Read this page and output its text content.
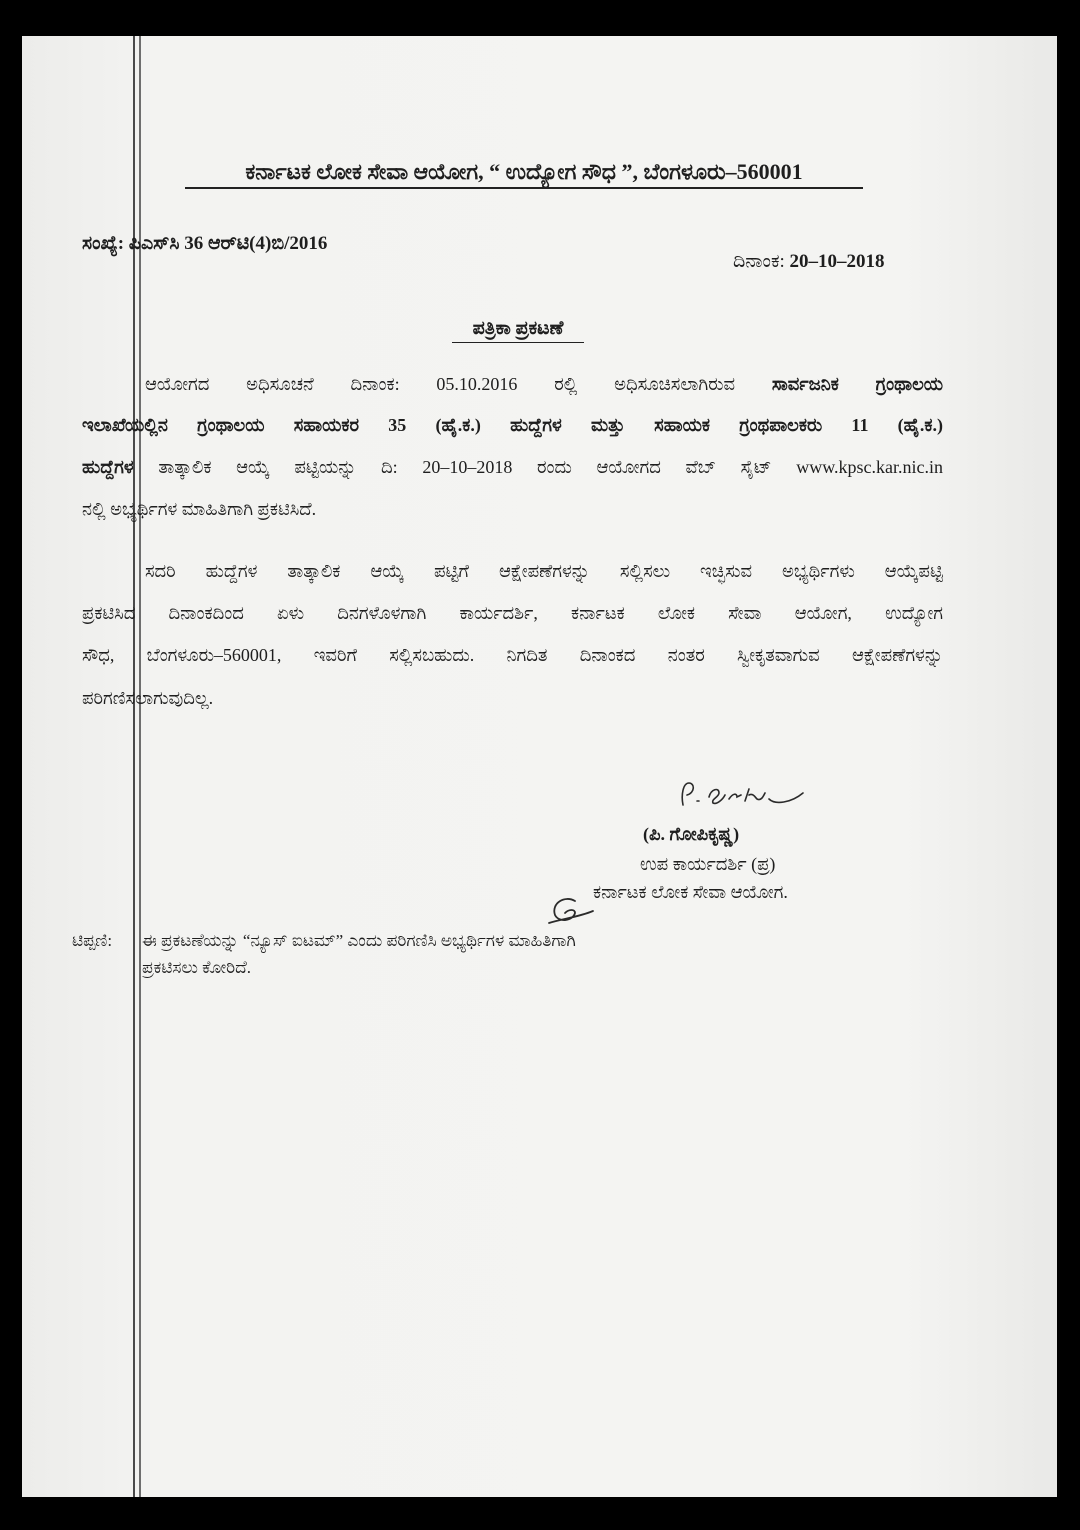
ಕರ್ನಾಟಕ ಲೋಕ ಸೇವಾ ಆಯೋಗ, “ ಉದ್ಯೋಗ ಸೌಧ ”, ಬೆಂಗಳೂರು–560001
ಸಂಖ್ಯೆ: ಪಿಎಸ್‌ಸಿ 36 ಆರ್‌ಟಿ(4)ಬಿ/2016
ದಿನಾಂಕ: 20–10–2018
ಪತ್ರಿಕಾ ಪ್ರಕಟಣೆ
ಆಯೋಗದ ಅಧಿಸೂಚನೆ ದಿನಾಂಕ: 05.10.2016 ರಲ್ಲಿ ಅಧಿಸೂಚಿಸಲಾಗಿರುವ ಸಾರ್ವಜನಿಕ ಗ್ರಂಥಾಲಯ
ಇಲಾಖೆಯಲ್ಲಿನ ಗ್ರಂಥಾಲಯ ಸಹಾಯಕರ 35 (ಹೈ.ಕ.) ಹುದ್ದೆಗಳ ಮತ್ತು ಸಹಾಯಕ ಗ್ರಂಥಪಾಲಕರು 11 (ಹೈ.ಕ.)
ಹುದ್ದೆಗಳ ತಾತ್ಕಾಲಿಕ ಆಯ್ಕೆ ಪಟ್ಟಿಯನ್ನು ದಿ: 20–10–2018 ರಂದು ಆಯೋಗದ ವೆಬ್ ಸೈಟ್ www.kpsc.kar.nic.in
ನಲ್ಲಿ ಅಭ್ಯರ್ಥಿಗಳ ಮಾಹಿತಿಗಾಗಿ ಪ್ರಕಟಿಸಿದೆ.
ಸದರಿ ಹುದ್ದೆಗಳ ತಾತ್ಕಾಲಿಕ ಆಯ್ಕೆ ಪಟ್ಟಿಗೆ ಆಕ್ಷೇಪಣೆಗಳನ್ನು ಸಲ್ಲಿಸಲು ಇಚ್ಛಿಸುವ ಅಭ್ಯರ್ಥಿಗಳು ಆಯ್ಕೆಪಟ್ಟಿ
ಪ್ರಕಟಿಸಿದ ದಿನಾಂಕದಿಂದ ಏಳು ದಿನಗಳೊಳಗಾಗಿ ಕಾರ್ಯದರ್ಶಿ, ಕರ್ನಾಟಕ ಲೋಕ ಸೇವಾ ಆಯೋಗ, ಉದ್ಯೋಗ
ಸೌಧ, ಬೆಂಗಳೂರು–560001, ಇವರಿಗೆ ಸಲ್ಲಿಸಬಹುದು. ನಿಗದಿತ ದಿನಾಂಕದ ನಂತರ ಸ್ವೀಕೃತವಾಗುವ ಆಕ್ಷೇಪಣೆಗಳನ್ನು
ಪರಿಗಣಿಸಲಾಗುವುದಿಲ್ಲ.
(ಪಿ. ಗೋಪಿಕೃಷ್ಣ)
ಉಪ ಕಾರ್ಯದರ್ಶಿ (ಪ್ರ)
ಕರ್ನಾಟಕ ಲೋಕ ಸೇವಾ ಆಯೋಗ.
ಟಿಪ್ಪಣಿ:	ಈ ಪ್ರಕಟಣೆಯನ್ನು “ನ್ಯೂಸ್ ಐಟಮ್” ಎಂದು ಪರಿಗಣಿಸಿ ಅಭ್ಯರ್ಥಿಗಳ ಮಾಹಿತಿಗಾಗಿ
ಪ್ರಕಟಿಸಲು ಕೋರಿದೆ.
